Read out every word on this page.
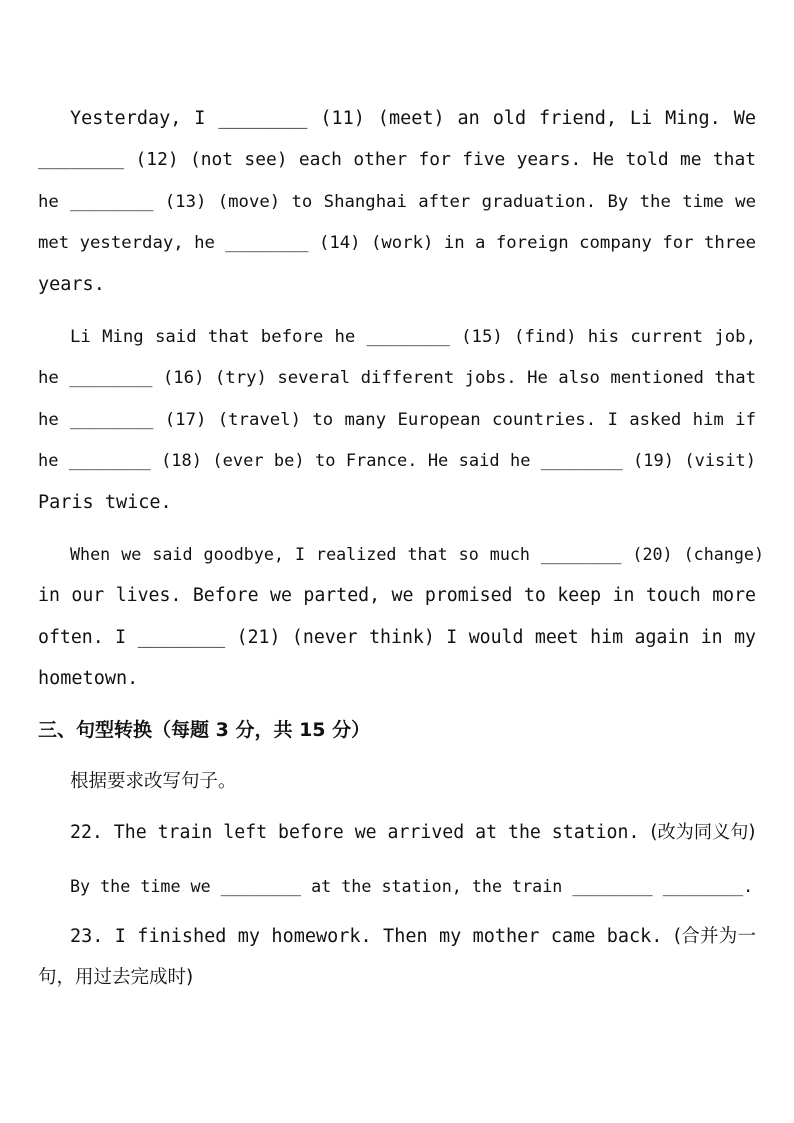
Yesterday, I ________ (11) (meet) an old friend, Li Ming. We
________ (12) (not see) each other for five years. He told me that
he ________ (13) (move) to Shanghai after graduation. By the time we
met yesterday, he ________ (14) (work) in a foreign company for three
years.
Li Ming said that before he ________ (15) (find) his current job,
he ________ (16) (try) several different jobs. He also mentioned that
he ________ (17) (travel) to many European countries. I asked him if
he ________ (18) (ever be) to France. He said he ________ (19) (visit)
Paris twice.
When we said goodbye, I realized that so much ________ (20) (change)
in our lives. Before we parted, we promised to keep in touch more
often. I ________ (21) (never think) I would meet him again in my
hometown.
三、句型转换（每题 3 分，共 15 分）
根据要求改写句子。
22. The train left before we arrived at the station. (改为同义句)
By the time we ________ at the station, the train ________ ________.
23. I finished my homework. Then my mother came back. (合并为一
句，用过去完成时)
